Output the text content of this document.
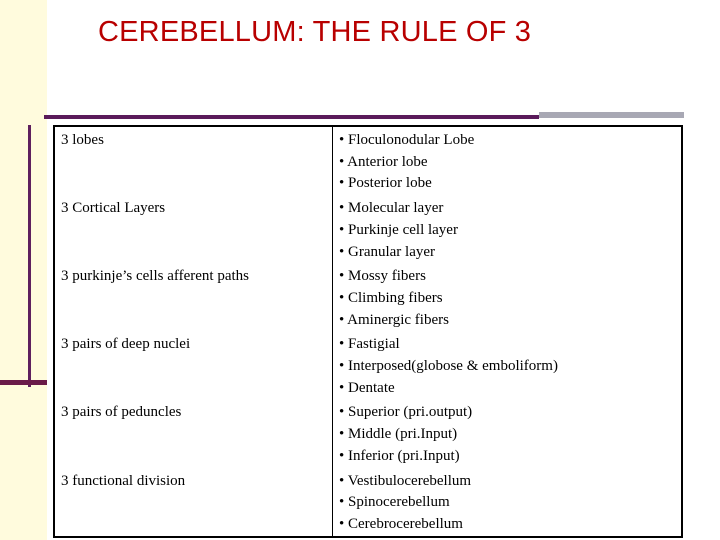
CEREBELLUM: THE RULE OF 3
3 lobes	• Floculonodular Lobe
• Anterior lobe
• Posterior lobe

3 Cortical Layers	• Molecular layer
• Purkinje cell layer
• Granular layer

3 purkinje’s cells afferent paths	• Mossy fibers
• Climbing fibers
• Aminergic fibers

3 pairs of deep nuclei	• Fastigial
• Interposed(globose & emboliform)
• Dentate

3 pairs of peduncles	• Superior (pri.output)
• Middle (pri.Input)
• Inferior (pri.Input)

3 functional division	• Vestibulocerebellum
• Spinocerebellum
• Cerebrocerebellum
